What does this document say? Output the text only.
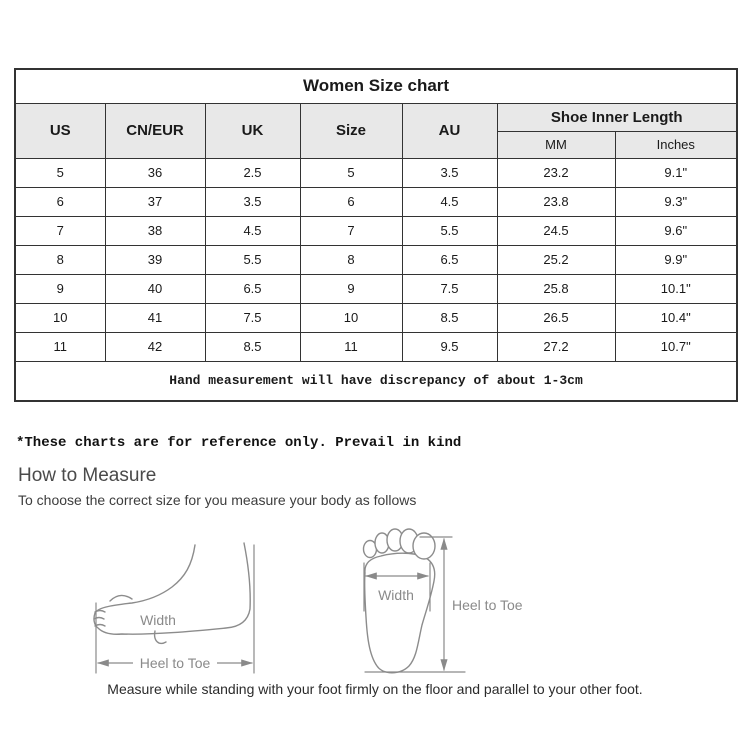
Women Size chart						
US	CN/EUR	UK	Size	AU	Shoe Inner Length	
					MM	Inches
5	36	2.5	5	3.5	23.2	9.1"
6	37	3.5	6	4.5	23.8	9.3"
7	38	4.5	7	5.5	24.5	9.6"
8	39	5.5	8	6.5	25.2	9.9"
9	40	6.5	9	7.5	25.8	10.1"
10	41	7.5	10	8.5	26.5	10.4"
11	42	8.5	11	9.5	27.2	10.7"
Hand measurement will have discrepancy of about 1-3cm						
*These charts are for reference only. Prevail in kind
How to Measure
To choose the correct size for you measure your body as follows
Heel to Toe
Width
Width
Heel to Toe
Measure while standing with your foot firmly on the floor and parallel to your other foot.
